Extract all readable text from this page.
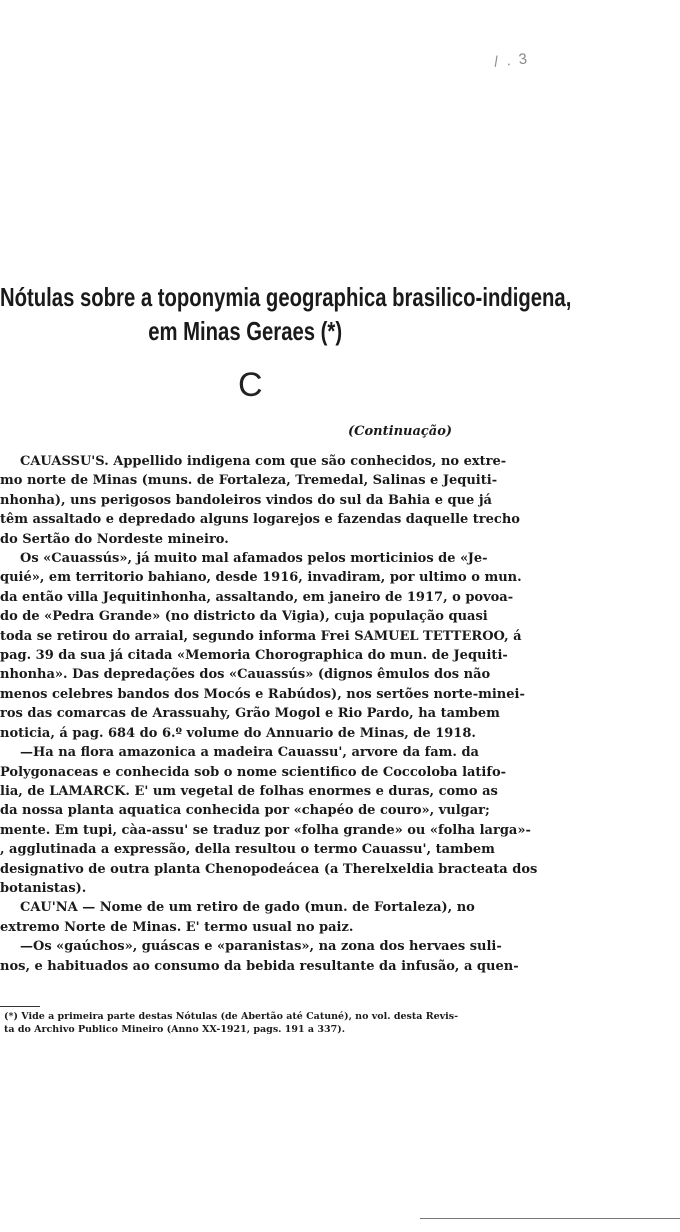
/ . 3
Nótulas sobre a toponymia geographica brasilico-indigena,
em Minas Geraes (*)
C
(Continuação)

CAUASSU'S. Appellido indigena com que são conhecidos, no extre-
mo norte de Minas (muns. de Fortaleza, Tremedal, Salinas e Jequiti-
nhonha), uns perigosos bandoleiros vindos do sul da Bahia e que já
têm assaltado e depredado alguns logarejos e fazendas daquelle trecho
do Sertão do Nordeste mineiro.

Os «Cauassús», já muito mal afamados pelos morticinios de «Je-
quié», em territorio bahiano, desde 1916, invadiram, por ultimo o mun.
da então villa Jequitinhonha, assaltando, em janeiro de 1917, o povoa-
do de «Pedra Grande» (no districto da Vigia), cuja população quasi
toda se retirou do arraial, segundo informa Frei SAMUEL TETTEROO, á
pag. 39 da sua já citada «Memoria Chorographica do mun. de Jequiti-
nhonha». Das depredações dos «Cauassús» (dignos êmulos dos não
menos celebres bandos dos Mocós e Rabúdos), nos sertões norte-minei-
ros das comarcas de Arassuahy, Grão Mogol e Rio Pardo, ha tambem
noticia, á pag. 684 do 6.º volume do Annuario de Minas, de 1918.

—Ha na flora amazonica a madeira Cauassu', arvore da fam. da
Polygonaceas e conhecida sob o nome scientifico de Coccoloba latifo-
lia, de LAMARCK. E' um vegetal de folhas enormes e duras, como as
da nossa planta aquatica conhecida por «chapéo de couro», vulgar;
mente. Em tupi, càa-assu' se traduz por «folha grande» ou «folha larga»-
, agglutinada a expressão, della resultou o termo Cauassu', tambem
designativo de outra planta Chenopodeácea (a Therelxeldia bracteata dos
botanistas).

CAU'NA — Nome de um retiro de gado (mun. de Fortaleza), no
extremo Norte de Minas. E' termo usual no paiz.

—Os «gaúchos», guáscas e «paranistas», na zona dos hervaes suli-
nos, e habituados ao consumo da bebida resultante da infusão, a quen-

(*) Vide a primeira parte destas Nótulas (de Abertão até Catuné), no vol. desta Revis-
ta do Archivo Publico Mineiro (Anno XX-1921, pags. 191 a 337).
